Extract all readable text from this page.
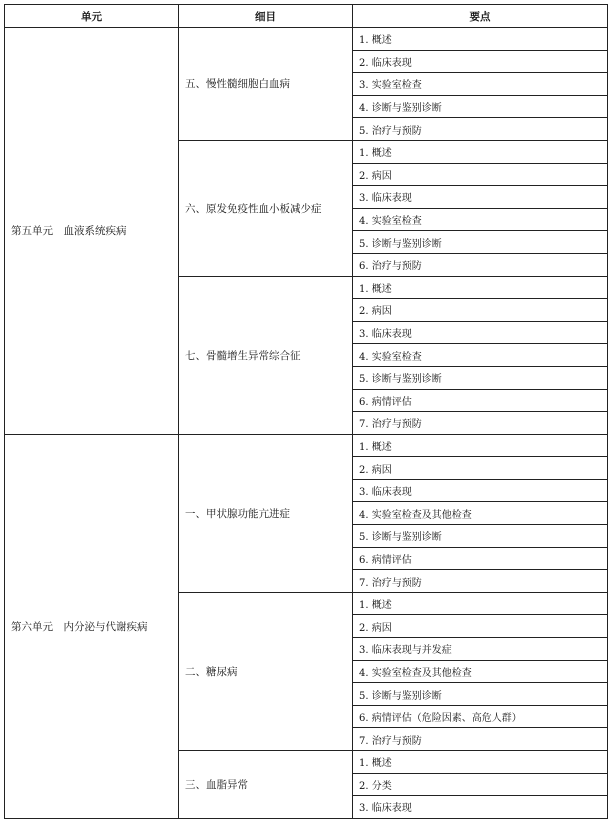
单元	细目	要点
第五单元　血液系统疾病	五、慢性髓细胞白血病	1. 概述
		2. 临床表现
		3. 实验室检查
		4. 诊断与鉴别诊断
		5. 治疗与预防
	六、原发免疫性血小板减少症	1. 概述
		2. 病因
		3. 临床表现
		4. 实验室检查
		5. 诊断与鉴别诊断
		6. 治疗与预防
	七、骨髓增生异常综合征	1. 概述
		2. 病因
		3. 临床表现
		4. 实验室检查
		5. 诊断与鉴别诊断
		6. 病情评估
		7. 治疗与预防
第六单元　内分泌与代谢疾病	一、甲状腺功能亢进症	1. 概述
		2. 病因
		3. 临床表现
		4. 实验室检查及其他检查
		5. 诊断与鉴别诊断
		6. 病情评估
		7. 治疗与预防
	二、糖尿病	1. 概述
		2. 病因
		3. 临床表现与并发症
		4. 实验室检查及其他检查
		5. 诊断与鉴别诊断
		6. 病情评估（危险因素、高危人群）
		7. 治疗与预防
	三、血脂异常	1. 概述
		2. 分类
		3. 临床表现
